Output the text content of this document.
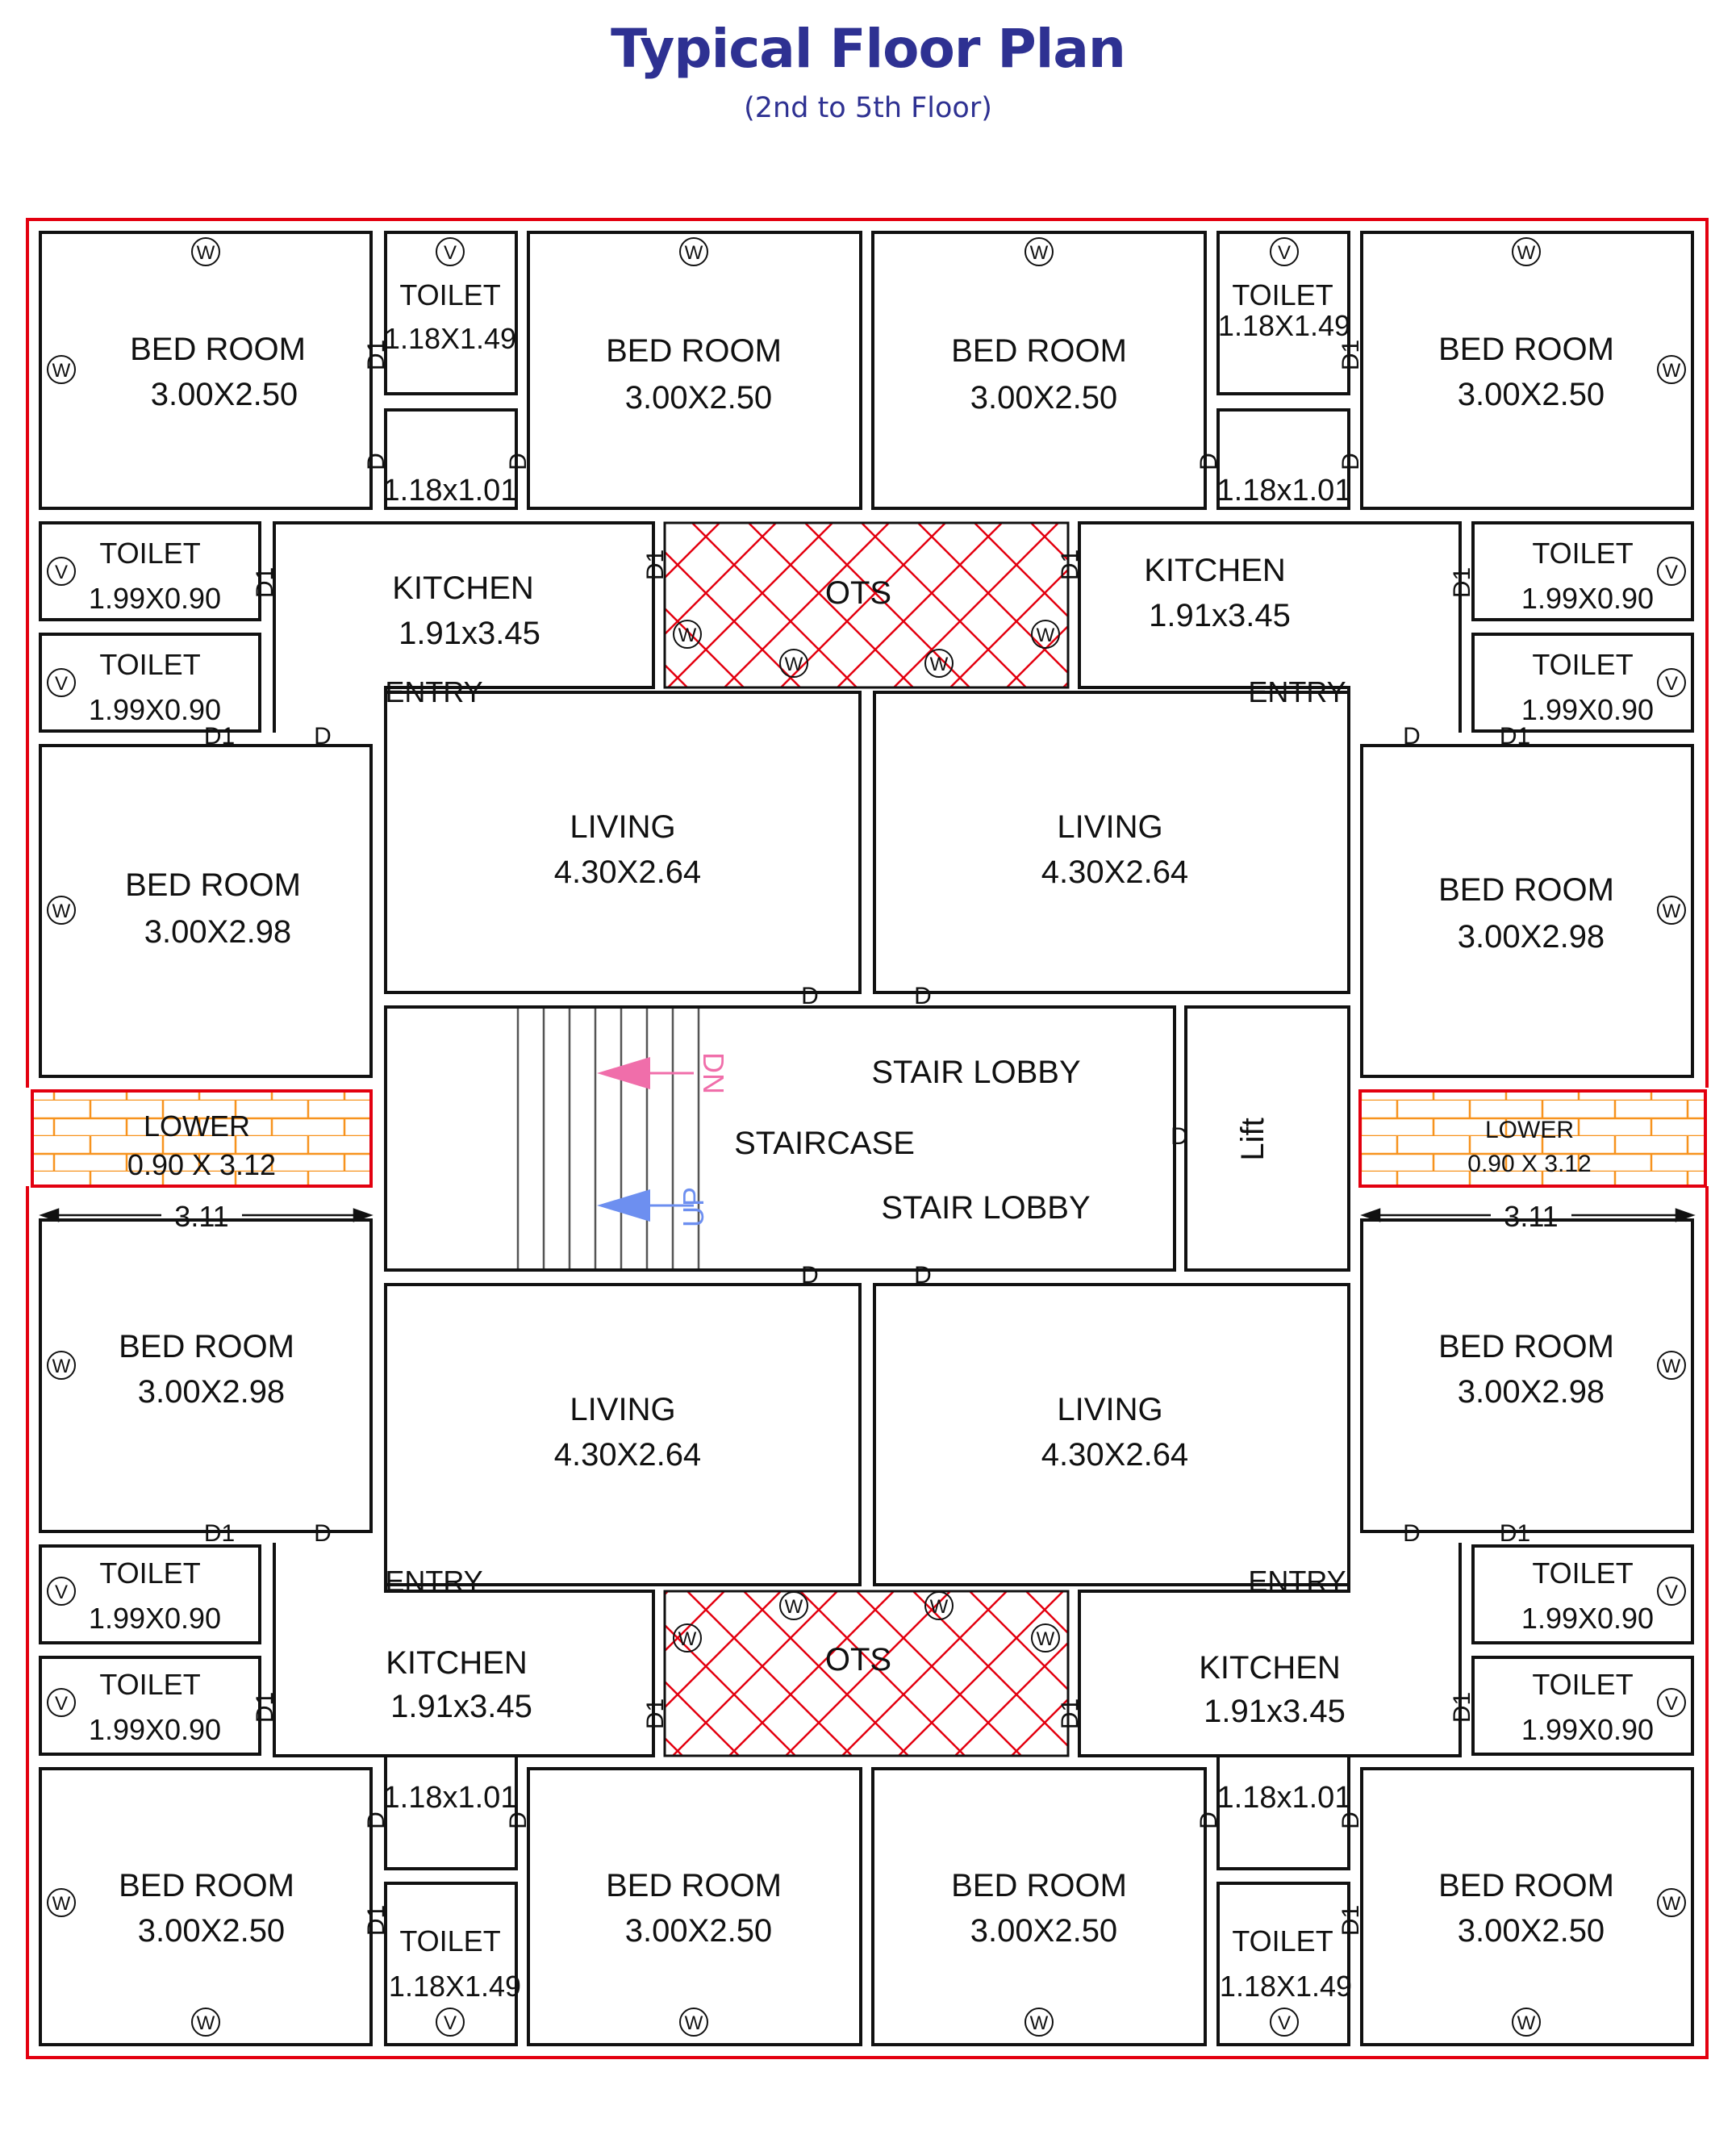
Typical Floor Plan
(2nd to 5th Floor)
BED ROOM
3.00X2.50
TOILET
1.18X1.49
1.18x1.01
BED ROOM
3.00X2.50
BED ROOM
3.00X2.50
TOILET
1.18X1.49
1.18x1.01
BED ROOM
3.00X2.50
TOILET
1.99X0.90
TOILET
1.99X0.90
TOILET
1.99X0.90
TOILET
1.99X0.90
KITCHEN
1.91x3.45
KITCHEN
1.91x3.45
OTS
ENTRY	ENTRY
BED ROOM
3.00X2.98
BED ROOM
3.00X2.98
LIVING
4.30X2.64
LIVING
4.30X2.64
LOWER
0.90 X 3.12
LOWER
0.90 X 3.12
STAIR LOBBY
STAIRCASE
STAIR LOBBY
Lift
DN
UP
3.11	3.11
BED ROOM
3.00X2.98
BED ROOM
3.00X2.98
LIVING
4.30X2.64
LIVING
4.30X2.64
ENTRY	ENTRY
TOILET
1.99X0.90
TOILET
1.99X0.90
TOILET
1.99X0.90
TOILET
1.99X0.90
KITCHEN
1.91x3.45
KITCHEN
1.91x3.45
OTS
BED ROOM
3.00X2.50
1.18x1.01
TOILET
1.18X1.49
BED ROOM
3.00X2.50
BED ROOM
3.00X2.50
1.18x1.01
TOILET
1.18X1.49
BED ROOM
3.00X2.50
D1
D	D	D	D
D1
D1
D1	D1
D1
D1	D	D	D1
D	D
D
D	D
D1	D	D	D1
D1	D1	D1	D1
D	D
D1
D	D
D1
W	W	W	W
W	W
W	W
W	W
W	W
W	W	W	W
W
W	W
W
W
W	W
W
V	V
V
V
V
V
V
V
V
V
V	V
